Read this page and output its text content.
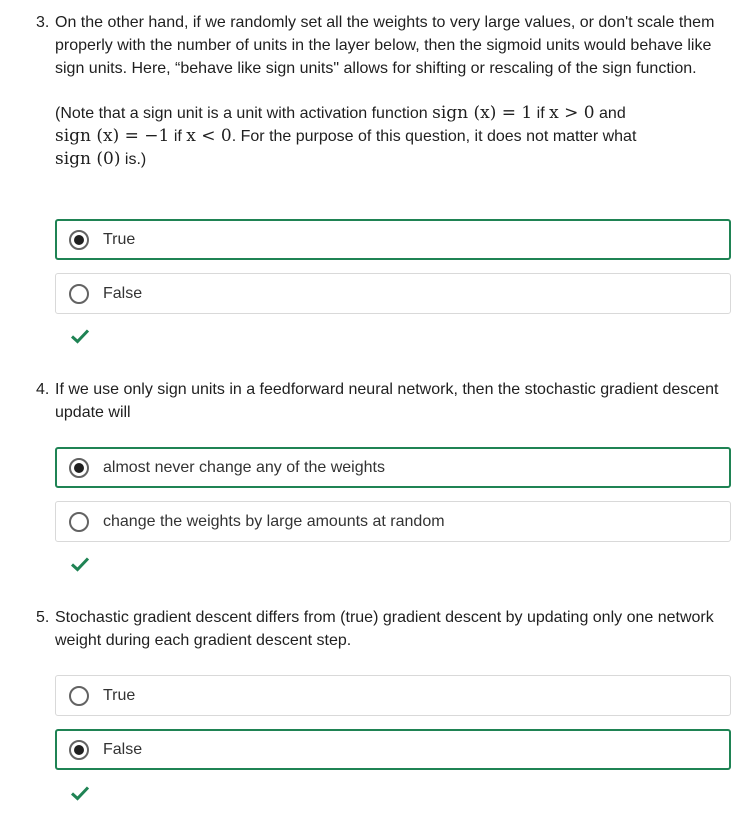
3. On the other hand, if we randomly set all the weights to very large values, or don't scale them properly with the number of units in the layer below, then the sigmoid units would behave like sign units. Here, “behave like sign units" allows for shifting or rescaling of the sign function.
(Note that a sign unit is a unit with activation function sign (x) = 1 if x > 0 and
sign (x) = −1 if x < 0. For the purpose of this question, it does not matter what
sign (0) is.)
True
False
4. If we use only sign units in a feedforward neural network, then the stochastic gradient descent update will
almost never change any of the weights
change the weights by large amounts at random
5. Stochastic gradient descent differs from (true) gradient descent by updating only one network weight during each gradient descent step.
True
False
